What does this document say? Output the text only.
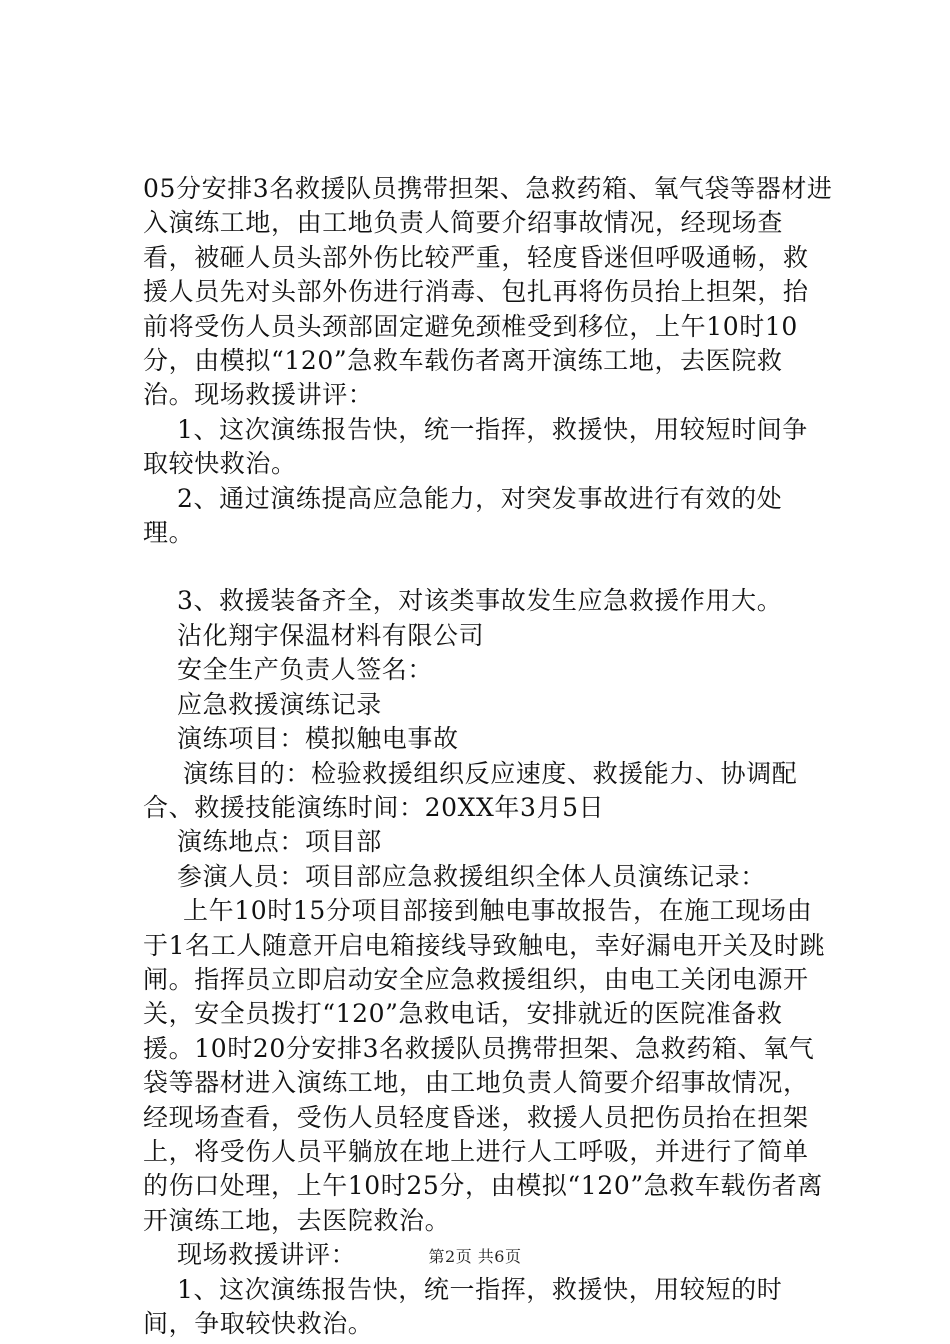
05分安排3名救援队员携带担架、急救药箱、氧气袋等器材进入演练工地，由工地负责人简要介绍事故情况，经现场查看，被砸人员头部外伤比较严重，轻度昏迷但呼吸通畅，救援人员先对头部外伤进行消毒、包扎再将伤员抬上担架，抬前将受伤人员头颈部固定避免颈椎受到移位，上午10时10分，由模拟“120”急救车载伤者离开演练工地，去医院救治。现场救援讲评：

1、这次演练报告快，统一指挥，救援快，用较短时间争取较快救治。

2、通过演练提高应急能力，对突发事故进行有效的处理。

3、救援装备齐全，对该类事故发生应急救援作用大。

沾化翔宇保温材料有限公司

安全生产负责人签名：

应急救援演练记录

演练项目：模拟触电事故

演练目的：检验救援组织反应速度、救援能力、协调配合、救援技能演练时间：20XX年3月5日

演练地点：项目部

参演人员：项目部应急救援组织全体人员演练记录：

上午10时15分项目部接到触电事故报告，在施工现场由于1名工人随意开启电箱接线导致触电，幸好漏电开关及时跳闸。指挥员立即启动安全应急救援组织，由电工关闭电源开关，安全员拨打“120”急救电话，安排就近的医院准备救援。10时20分安排3名救援队员携带担架、急救药箱、氧气袋等器材进入演练工地，由工地负责人简要介绍事故情况，经现场查看，受伤人员轻度昏迷，救援人员把伤员抬在担架上，将受伤人员平躺放在地上进行人工呼吸，并进行了简单的伤口处理，上午10时25分，由模拟“120”急救车载伤者离开演练工地，去医院救治。

现场救援讲评：

1、这次演练报告快，统一指挥，救援快，用较短的时间，争取较快救治。

第2页 共6页
